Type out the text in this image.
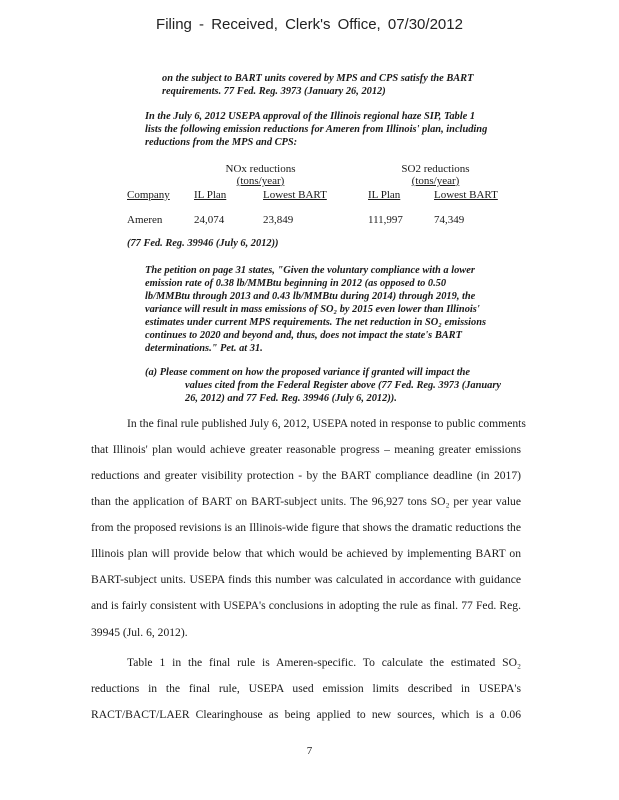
Filing - Received, Clerk's Office, 07/30/2012
on the subject to BART units covered by MPS and CPS satisfy the BART
requirements. 77 Fed. Reg. 3973 (January 26, 2012)
In the July 6, 2012 USEPA approval of the Illinois regional haze SIP, Table 1
lists the following emission reductions for Ameren from Illinois' plan, including
reductions from the MPS and CPS:
NOx reductions
(tons/year)
SO2 reductions
(tons/year)
Company IL Plan	Lowest BART	IL Plan	Lowest BART
Ameren	24,074	23,849	111,997	74,349
(77 Fed. Reg. 39946 (July 6, 2012))
The petition on page 31 states, "Given the voluntary compliance with a lower
emission rate of 0.38 lb/MMBtu beginning in 2012 (as opposed to 0.50
lb/MMBtu through 2013 and 0.43 lb/MMBtu during 2014) through 2019, the
variance will result in mass emissions of SO₂ by 2015 even lower than Illinois'
estimates under current MPS requirements. The net reduction in SO₂ emissions
continues to 2020 and beyond and, thus, does not impact the state's BART
determinations." Pet. at 31.
(a) Please comment on how the proposed variance if granted will impact the
values cited from the Federal Register above (77 Fed. Reg. 3973 (January
26, 2012) and 77 Fed. Reg. 39946 (July 6, 2012)).
In the final rule published July 6, 2012, USEPA noted in response to public comments
that Illinois' plan would achieve greater reasonable progress – meaning greater emissions
reductions and greater visibility protection - by the BART compliance deadline (in 2017)
than the application of BART on BART-subject units. The 96,927 tons SO₂ per year value
from the proposed revisions is an Illinois-wide figure that shows the dramatic reductions the
Illinois plan will provide below that which would be achieved by implementing BART on
BART-subject units. USEPA finds this number was calculated in accordance with guidance
and is fairly consistent with USEPA's conclusions in adopting the rule as final. 77 Fed. Reg.
39945 (Jul. 6, 2012).
Table 1 in the final rule is Ameren-specific. To calculate the estimated SO₂
reductions in the final rule, USEPA used emission limits described in USEPA's
RACT/BACT/LAER Clearinghouse as being applied to new sources, which is a 0.06
7
